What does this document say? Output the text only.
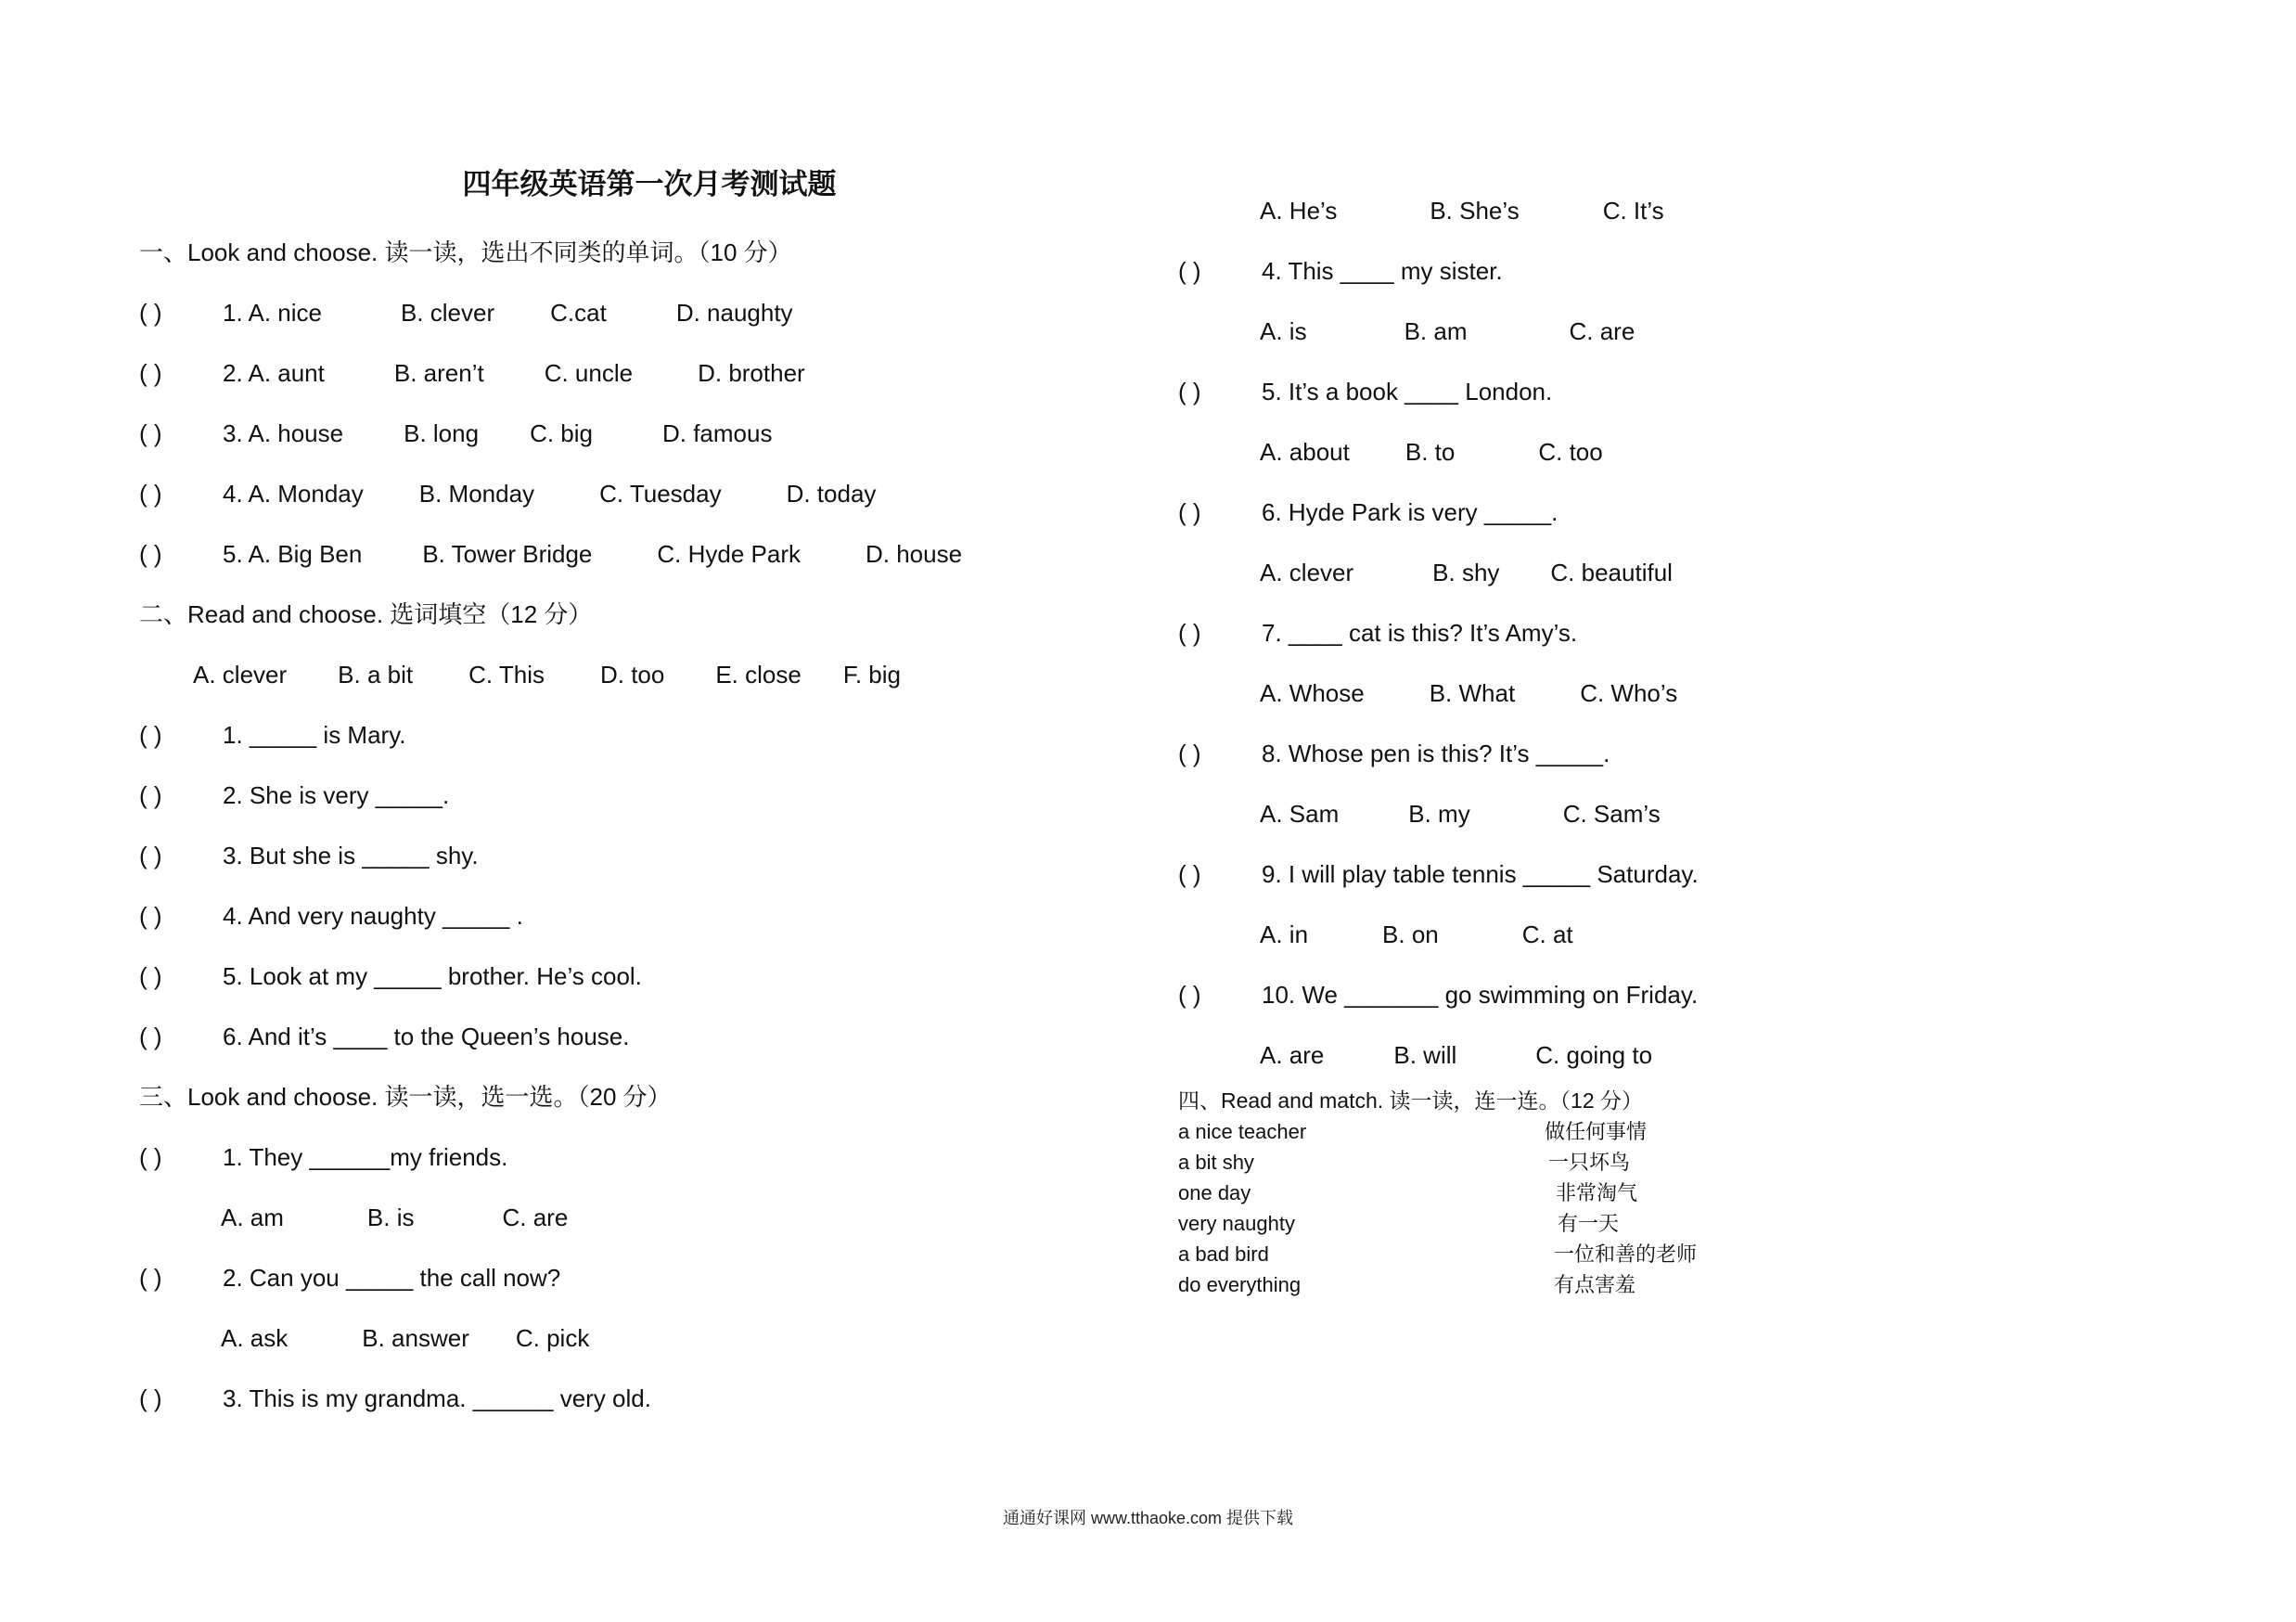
四年级英语第一次月考测试题
一、Look and choose. 读一读，选出不同类的单词。（10 分）
( )	1. A. nice	B. clever C.cat	D. naughty
( )	2. A. aunt	B. aren’t	C. uncle	D. brother
( )	3. A. house	B. long C. big	D. famous
( )	4. A. Monday B. Monday	C. Tuesday	D. today
( )	5. A. Big Ben	B. Tower Bridge	C. Hyde Park	D. house
二、Read and choose. 选词填空（12 分）
A. clever B. a bit C. This D. too E. close F. big
( )	1. _____ is Mary.
( )	2. She is very _____.
( )	3. But she is _____ shy.
( )	4. And very naughty _____ .
( )	5. Look at my _____ brother. He’s cool.
( )	6. And it’s ____ to the Queen’s house.
三、Look and choose. 读一读，选一选。（20 分）
( )	1. They ______my friends.
A. am	B. is	C. are
( )	2. Can you _____ the call now?
A. ask	B. answer C. pick
( )	3. This is my grandma. ______ very old.
A. He’s	B. She’s	C. It’s
( )	4. This ____ my sister.
A. is	B. am	C. are
( )	5. It’s a book ____ London.
A. about B. to	C. too
( )	6. Hyde Park is very _____.
A. clever	B. shy C. beautiful
( )	7. ____ cat is this? It’s Amy’s.
A. Whose	B. What	C. Who’s
( )	8. Whose pen is this? It’s _____.
A. Sam	B. my	C. Sam’s
( )	9. I will play table tennis _____ Saturday.
A. in	B. on	C. at
( )	10. We _______ go swimming on Friday.
A. are	B. will	C. going to
四、Read and match. 读一读，连一连。（12 分）
a nice teacher	做任何事情
a bit shy	一只坏鸟
one day	非常淘气
very naughty	有一天
a bad bird	一位和善的老师
do everything	有点害羞
通通好课网 www.tthaoke.com 提供下载
